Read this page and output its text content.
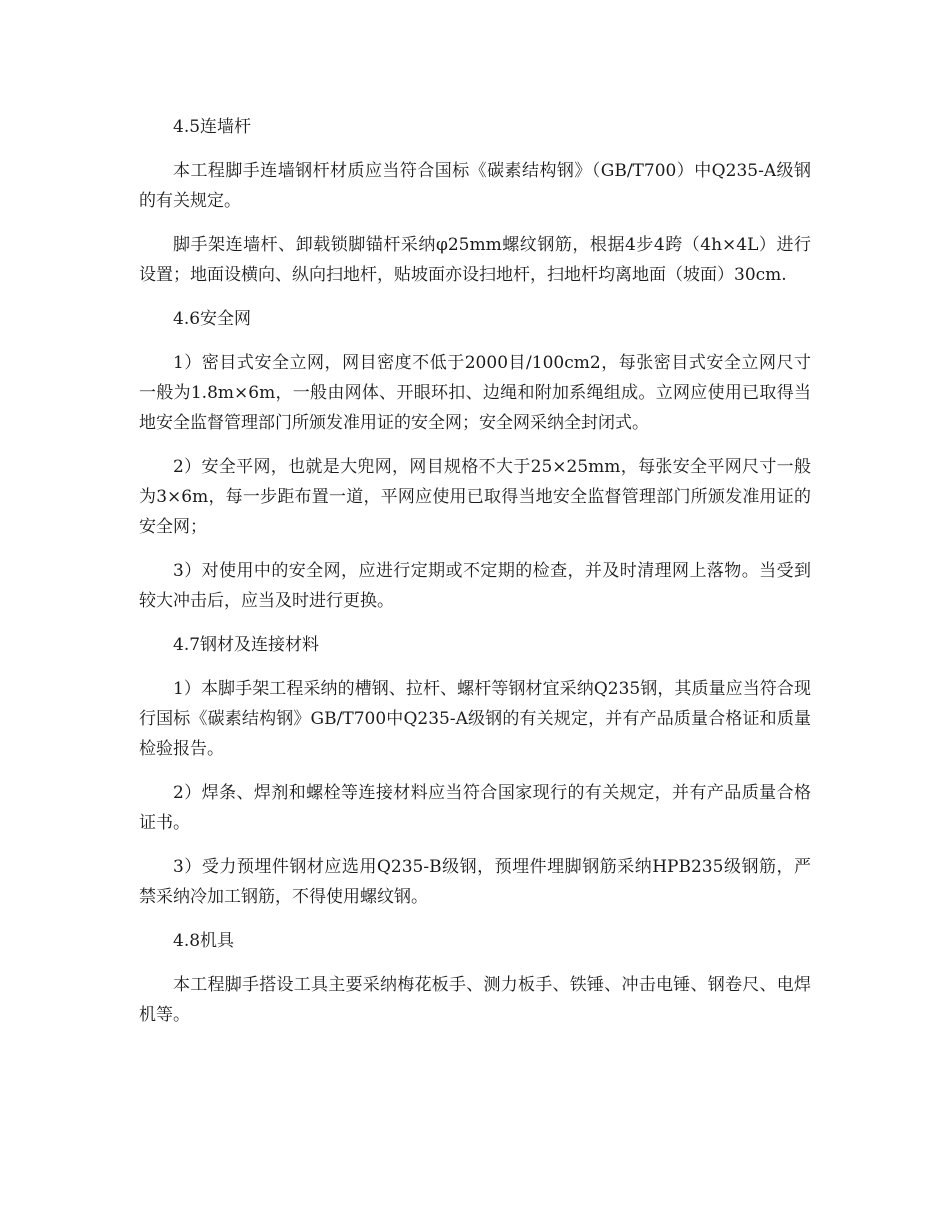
4.5连墙杆

本工程脚手连墙钢杆材质应当符合国标《碳素结构钢》（GB/T700）中Q235-A级钢的有关规定。

脚手架连墙杆、卸载锁脚锚杆采纳φ25mm螺纹钢筋，根据4步4跨（4h×4L）进行设置；地面设横向、纵向扫地杆，贴坡面亦设扫地杆，扫地杆均离地面（坡面）30cm.

4.6安全网

1）密目式安全立网，网目密度不低于2000目/100cm2，每张密目式安全立网尺寸一般为1.8m×6m，一般由网体、开眼环扣、边绳和附加系绳组成。立网应使用已取得当地安全监督管理部门所颁发准用证的安全网；安全网采纳全封闭式。

2）安全平网，也就是大兜网，网目规格不大于25×25mm，每张安全平网尺寸一般为3×6m，每一步距布置一道，平网应使用已取得当地安全监督管理部门所颁发准用证的安全网；

3）对使用中的安全网，应进行定期或不定期的检查，并及时清理网上落物。当受到较大冲击后，应当及时进行更换。

4.7钢材及连接材料

1）本脚手架工程采纳的槽钢、拉杆、螺杆等钢材宜采纳Q235钢，其质量应当符合现行国标《碳素结构钢》GB/T700中Q235-A级钢的有关规定，并有产品质量合格证和质量检验报告。

2）焊条、焊剂和螺栓等连接材料应当符合国家现行的有关规定，并有产品质量合格证书。

3）受力预埋件钢材应选用Q235-B级钢，预埋件埋脚钢筋采纳HPB235级钢筋，严禁采纳冷加工钢筋，不得使用螺纹钢。

4.8机具

本工程脚手搭设工具主要采纳梅花板手、测力板手、铁锤、冲击电锤、钢卷尺、电焊机等。
